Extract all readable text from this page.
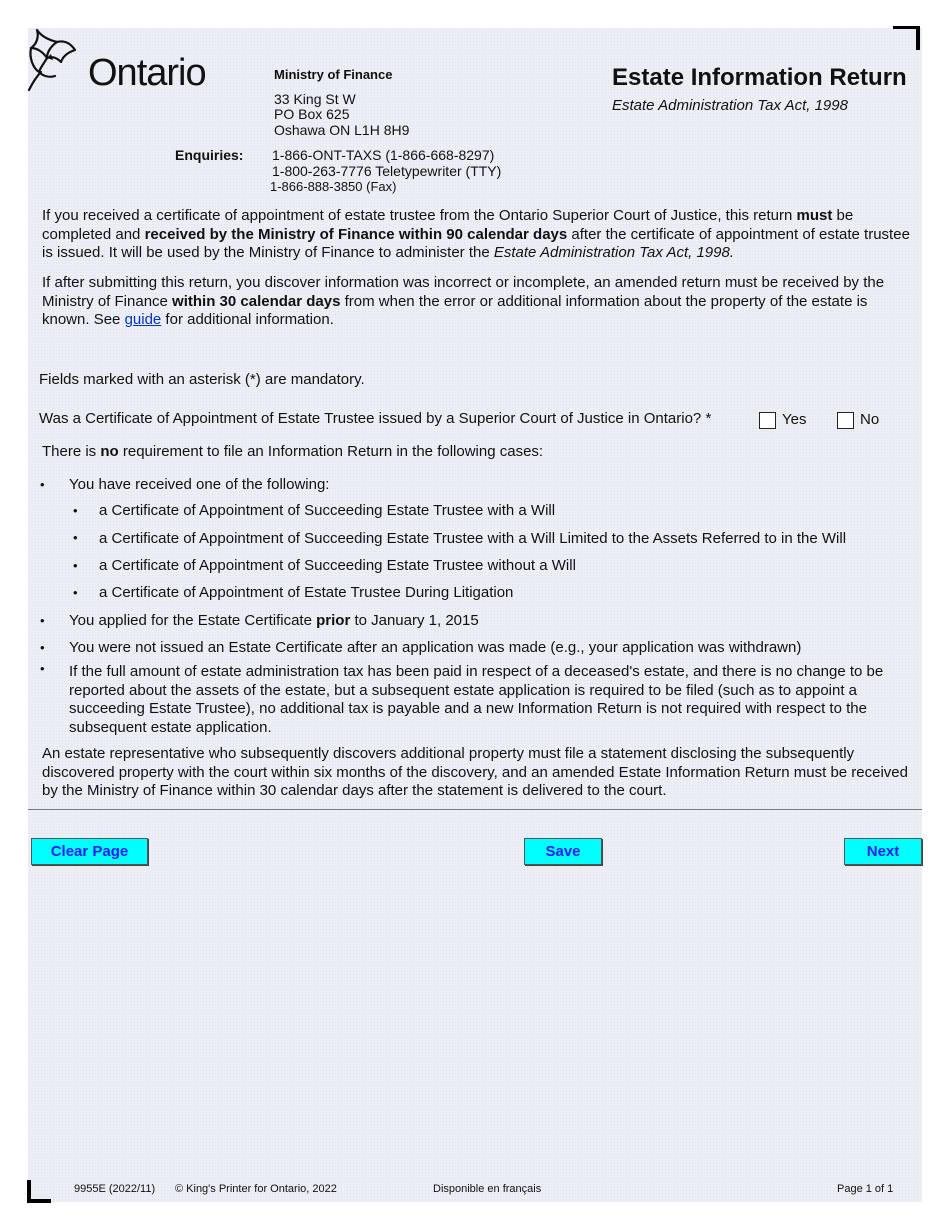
Ontario	Ministry of Finance
33 King St W
PO Box 625
Oshawa ON L1H 8H9
Enquiries: 1-866-ONT-TAXS (1-866-668-8297)
1-800-263-7776 Teletypewriter (TTY)
1-866-888-3850 (Fax)
Estate Information Return
Estate Administration Tax Act, 1998
If you received a certificate of appointment of estate trustee from the Ontario Superior Court of Justice, this return must be completed and received by the Ministry of Finance within 90 calendar days after the certificate of appointment of estate trustee is issued. It will be used by the Ministry of Finance to administer the Estate Administration Tax Act, 1998.
If after submitting this return, you discover information was incorrect or incomplete, an amended return must be received by the Ministry of Finance within 30 calendar days from when the error or additional information about the property of the estate is known. See guide for additional information.
Fields marked with an asterisk (*) are mandatory.
Was a Certificate of Appointment of Estate Trustee issued by a Superior Court of Justice in Ontario? *	Yes	No
There is no requirement to file an Information Return in the following cases:
• You have received one of the following:
• a Certificate of Appointment of Succeeding Estate Trustee with a Will
• a Certificate of Appointment of Succeeding Estate Trustee with a Will Limited to the Assets Referred to in the Will
• a Certificate of Appointment of Succeeding Estate Trustee without a Will
• a Certificate of Appointment of Estate Trustee During Litigation
• You applied for the Estate Certificate prior to January 1, 2015
• You were not issued an Estate Certificate after an application was made (e.g., your application was withdrawn)
• If the full amount of estate administration tax has been paid in respect of a deceased's estate, and there is no change to be reported about the assets of the estate, but a subsequent estate application is required to be filed (such as to appoint a succeeding Estate Trustee), no additional tax is payable and a new Information Return is not required with respect to the subsequent estate application.
An estate representative who subsequently discovers additional property must file a statement disclosing the subsequently discovered property with the court within six months of the discovery, and an amended Estate Information Return must be received by the Ministry of Finance within 30 calendar days after the statement is delivered to the court.
Clear Page	Save	Next
9955E (2022/11) © King's Printer for Ontario, 2022	Disponible en français	Page 1 of 1
